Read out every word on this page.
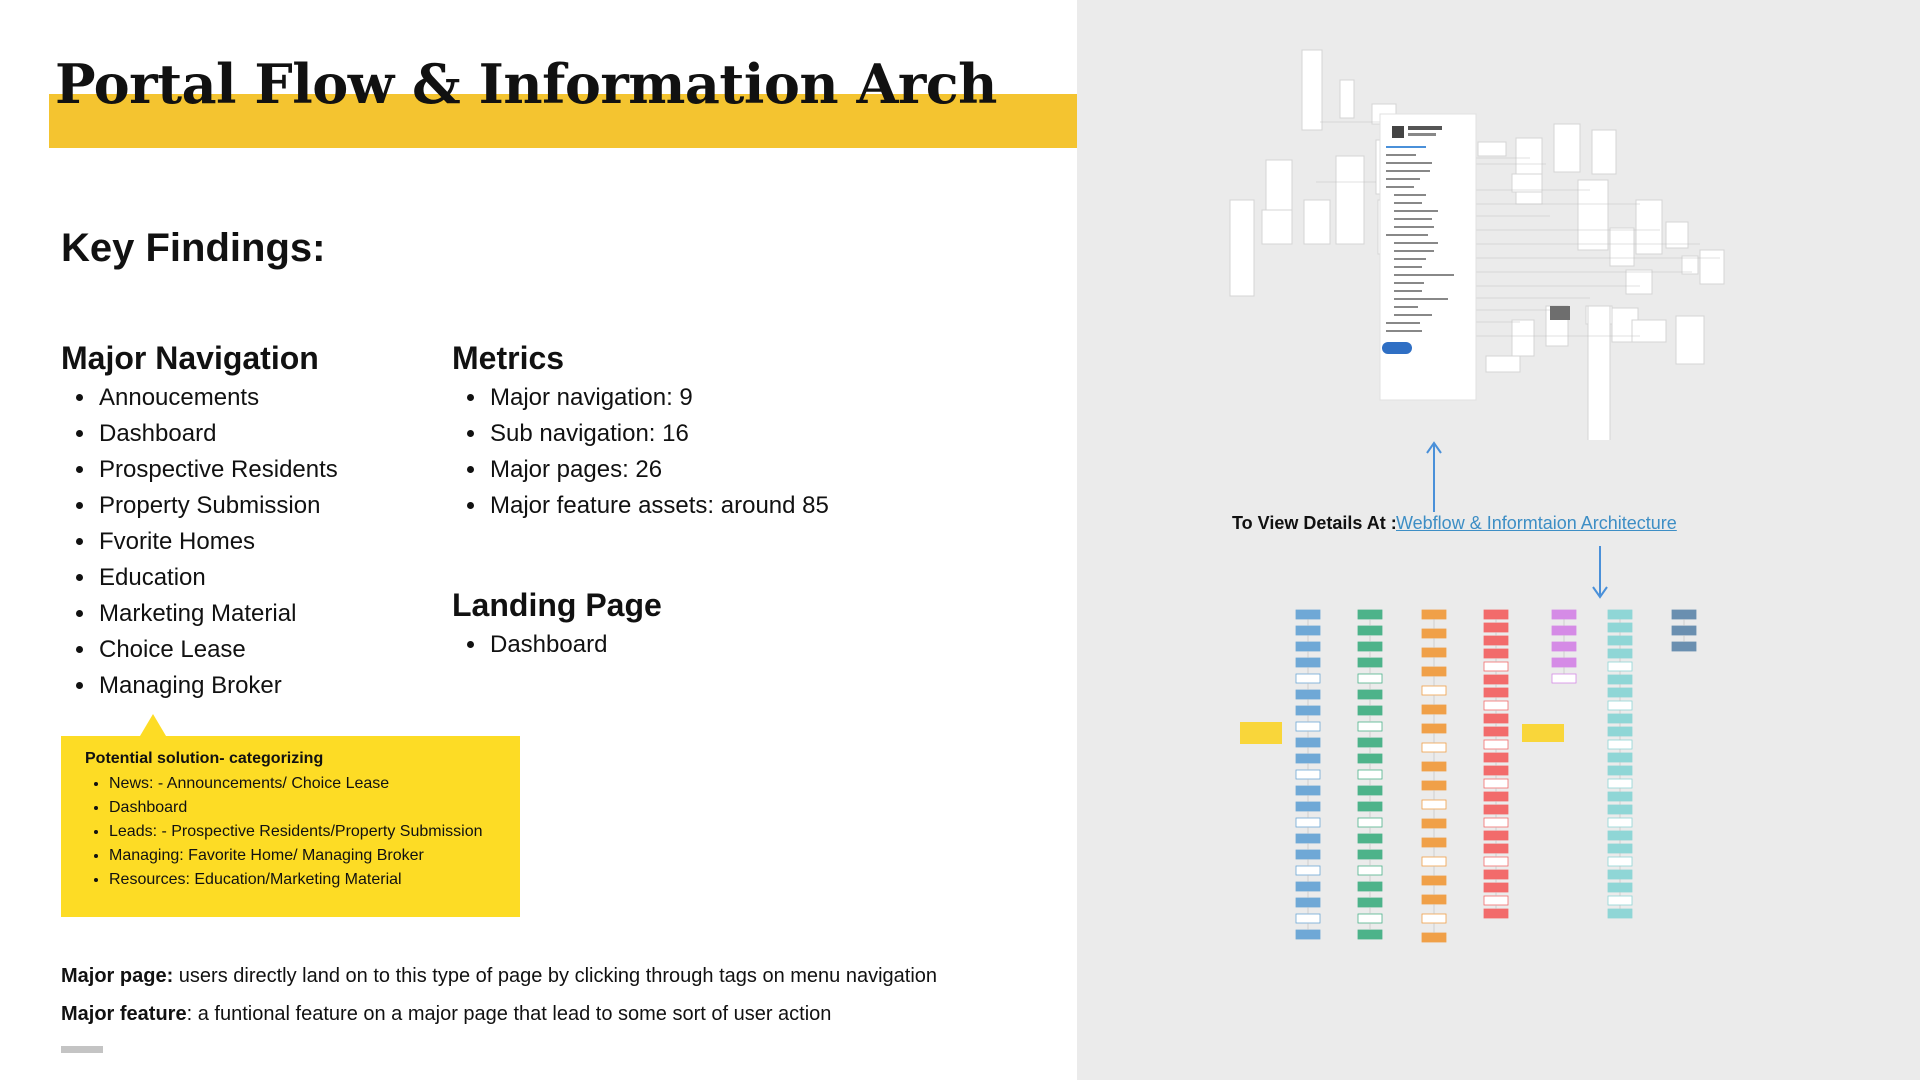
Portal Flow & Information Arch
Key Findings:
Major Navigation
• Annoucements
• Dashboard
• Prospective Residents
• Property Submission
• Fvorite Homes
• Education
• Marketing Material
• Choice Lease
• Managing Broker
Metrics
• Major navigation: 9
• Sub navigation: 16
• Major pages: 26
• Major feature assets: around 85
Landing Page
• Dashboard
Potential solution- categorizing
• News: - Announcements/ Choice Lease
• Dashboard
• Leads: - Prospective Residents/Property Submission
• Managing: Favorite Home/ Managing Broker
• Resources: Education/Marketing Material

Major page: users directly land on to this type of page by clicking through tags on menu navigation

Major feature: a funtional feature on a major page that lead to some sort of user action

To View Details At : Webflow & Informtaion Architecture
